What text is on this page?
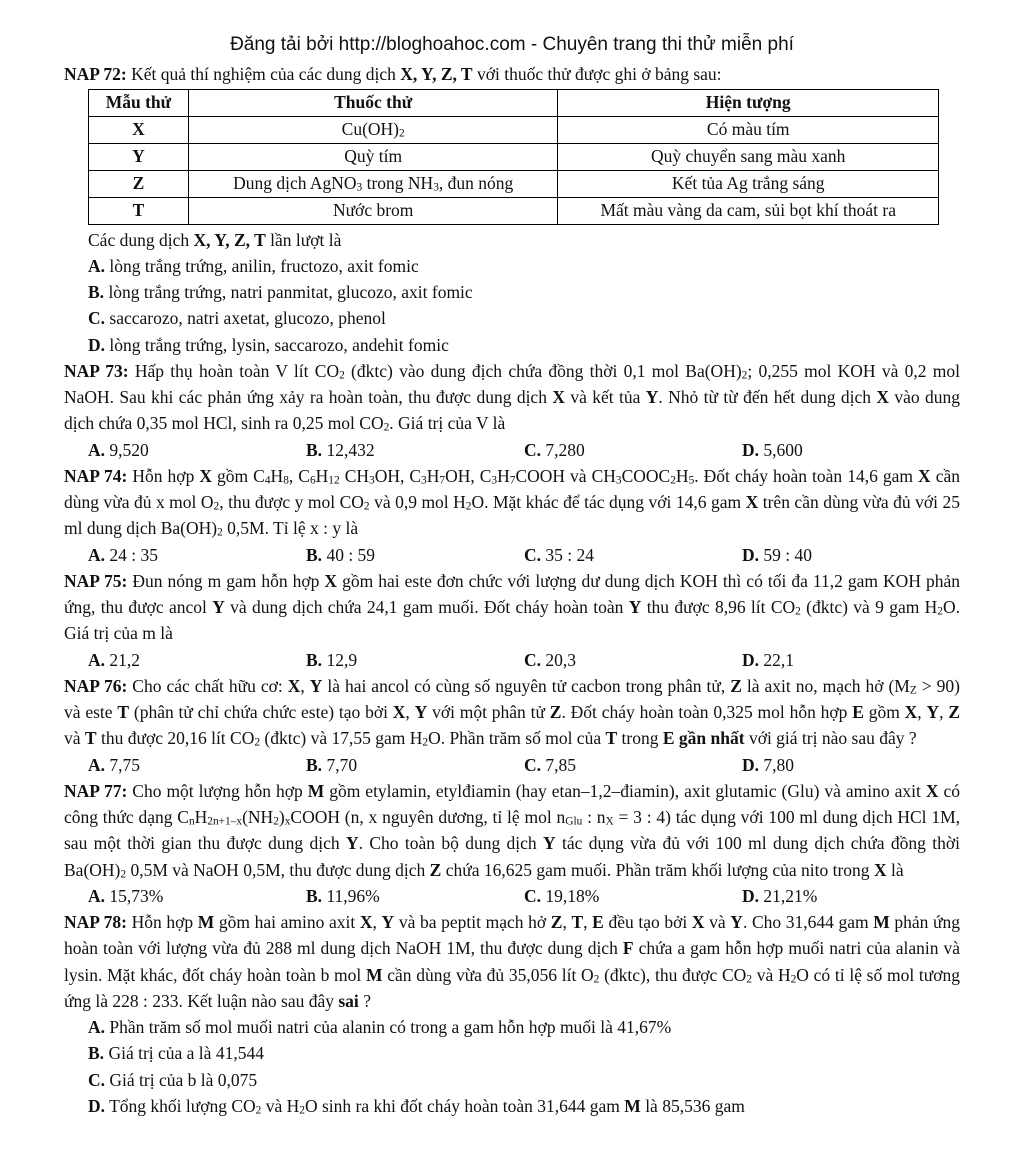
Đăng tải bởi http://bloghoahoc.com - Chuyên trang thi thử miễn phí

NAP 72: Kết quả thí nghiệm của các dung dịch X, Y, Z, T với thuốc thử được ghi ở bảng sau:

Mẫu thử	Thuốc thử	Hiện tượng
X	$Cu(OH)_2$	Có màu tím
Y	Quỳ tím	Quỳ chuyển sang màu xanh
Z	Dung dịch AgNO$_3$ trong $NH_3$, đun nóng	Kết tủa Ag trắng sáng
T	Nước brom	Mất màu vàng da cam, sủi bọt khí thoát ra

Các dung dịch X, Y, Z, T lần lượt là

A. lòng trắng trứng, anilin, fructozo, axit fomic

B. lòng trắng trứng, natri panmitat, glucozo, axit fomic

C. saccarozo, natri axetat, glucozo, phenol

D. lòng trắng trứng, lysin, saccarozo, andehit fomic

NAP 73: Hấp thụ hoàn toàn V lít $CO_2$ (đktc) vào dung địch chứa đồng thời 0,1 mol $Ba(OH)_2$; 0,255 mol KOH và 0,2 mol NaOH. Sau khi các phản ứng xảy ra hoàn toàn, thu được dung dịch X và kết tủa Y. Nhỏ từ từ đến hết dung dịch X vào dung dịch chứa 0,35 mol HCl, sinh ra 0,25 mol $CO_2$. Giá trị của V là

A. 9,520	B. 12,432	C. 7,280	D. 5,600

NAP 74: Hỗn hợp X gồm $C_4H_8$, $C_6H_{12}$ $CH_3OH$, $C_3H_7OH$, $C_3H_7COOH$ và $CH_3COOC_2H_5$. Đốt cháy hoàn toàn 14,6 gam X cần dùng vừa đủ x mol $O_2$, thu được y mol $CO_2$ và 0,9 mol $H_2O$. Mặt khác để tác dụng với 14,6 gam X trên cần dùng vừa đủ với 25 ml dung dịch $Ba(OH)_2$ 0,5M. Tỉ lệ x : y là

A. 24 : 35	B. 40 : 59	C. 35 : 24	D. 59 : 40

NAP 75: Đun nóng m gam hỗn hợp X gồm hai este đơn chức với lượng dư dung dịch KOH thì có tối đa 11,2 gam KOH phản ứng, thu được ancol Y và dung dịch chứa 24,1 gam muối. Đốt cháy hoàn toàn Y thu được 8,96 lít $CO_2$ (đktc) và 9 gam $H_2O$. Giá trị của m là

A. 21,2	B. 12,9	C. 20,3	D. 22,1

NAP 76: Cho các chất hữu cơ: X, Y là hai ancol có cùng số nguyên tử cacbon trong phân tử, Z là axit no, mạch hở $(M_Z > 90)$ và este T (phân tử chỉ chứa chức este) tạo bởi X, Y với một phân tử Z. Đốt cháy hoàn toàn 0,325 mol hỗn hợp E gồm X, Y, Z và T thu được 20,16 lít $CO_2$ (đktc) và 17,55 gam $H_2O$. Phần trăm số mol của T trong E gần nhất với giá trị nào sau đây ?

A. 7,75	B. 7,70	C. 7,85	D. 7,80

NAP 77: Cho một lượng hỗn hợp M gồm etylamin, etylđiamin (hay etan–1,2–điamin), axit glutamic (Glu) và amino axit X có công thức dạng $C_nH_{2n+1-x}(NH_2)_xCOOH$ (n, x nguyên dương, tỉ lệ mol $n_{Glu}$ : $n_X = 3$ : 4) tác dụng với 100 ml dung dịch HCl 1M, sau một thời gian thu được dung dịch Y. Cho toàn bộ dung dịch Y tác dụng vừa đủ với 100 ml dung dịch chứa đồng thời $Ba(OH)_2$ 0,5M và NaOH 0,5M, thu được dung dịch Z chứa 16,625 gam muối. Phần trăm khối lượng của nito trong X là

A. 15,73%	B. 11,96%	C. 19,18%	D. 21,21%

NAP 78: Hỗn hợp M gồm hai amino axit X, Y và ba peptit mạch hở Z, T, E đều tạo bởi X và Y. Cho 31,644 gam M phản ứng hoàn toàn với lượng vừa đủ 288 ml dung dịch NaOH 1M, thu được dung dịch F chứa a gam hỗn hợp muối natri của alanin và lysin. Mặt khác, đốt cháy hoàn toàn b mol M cần dùng vừa đủ 35,056 lít $O_2$ (đktc), thu được $CO_2$ và $H_2O$ có tỉ lệ số mol tương ứng là 228 : 233. Kết luận nào sau đây sai ?

A. Phần trăm số mol muối natri của alanin có trong a gam hỗn hợp muối là 41,67%

B. Giá trị của a là 41,544

C. Giá trị của b là 0,075

D. Tổng khối lượng $CO_2$ và $H_2O$ sinh ra khi đốt cháy hoàn toàn 31,644 gam M là 85,536 gam
